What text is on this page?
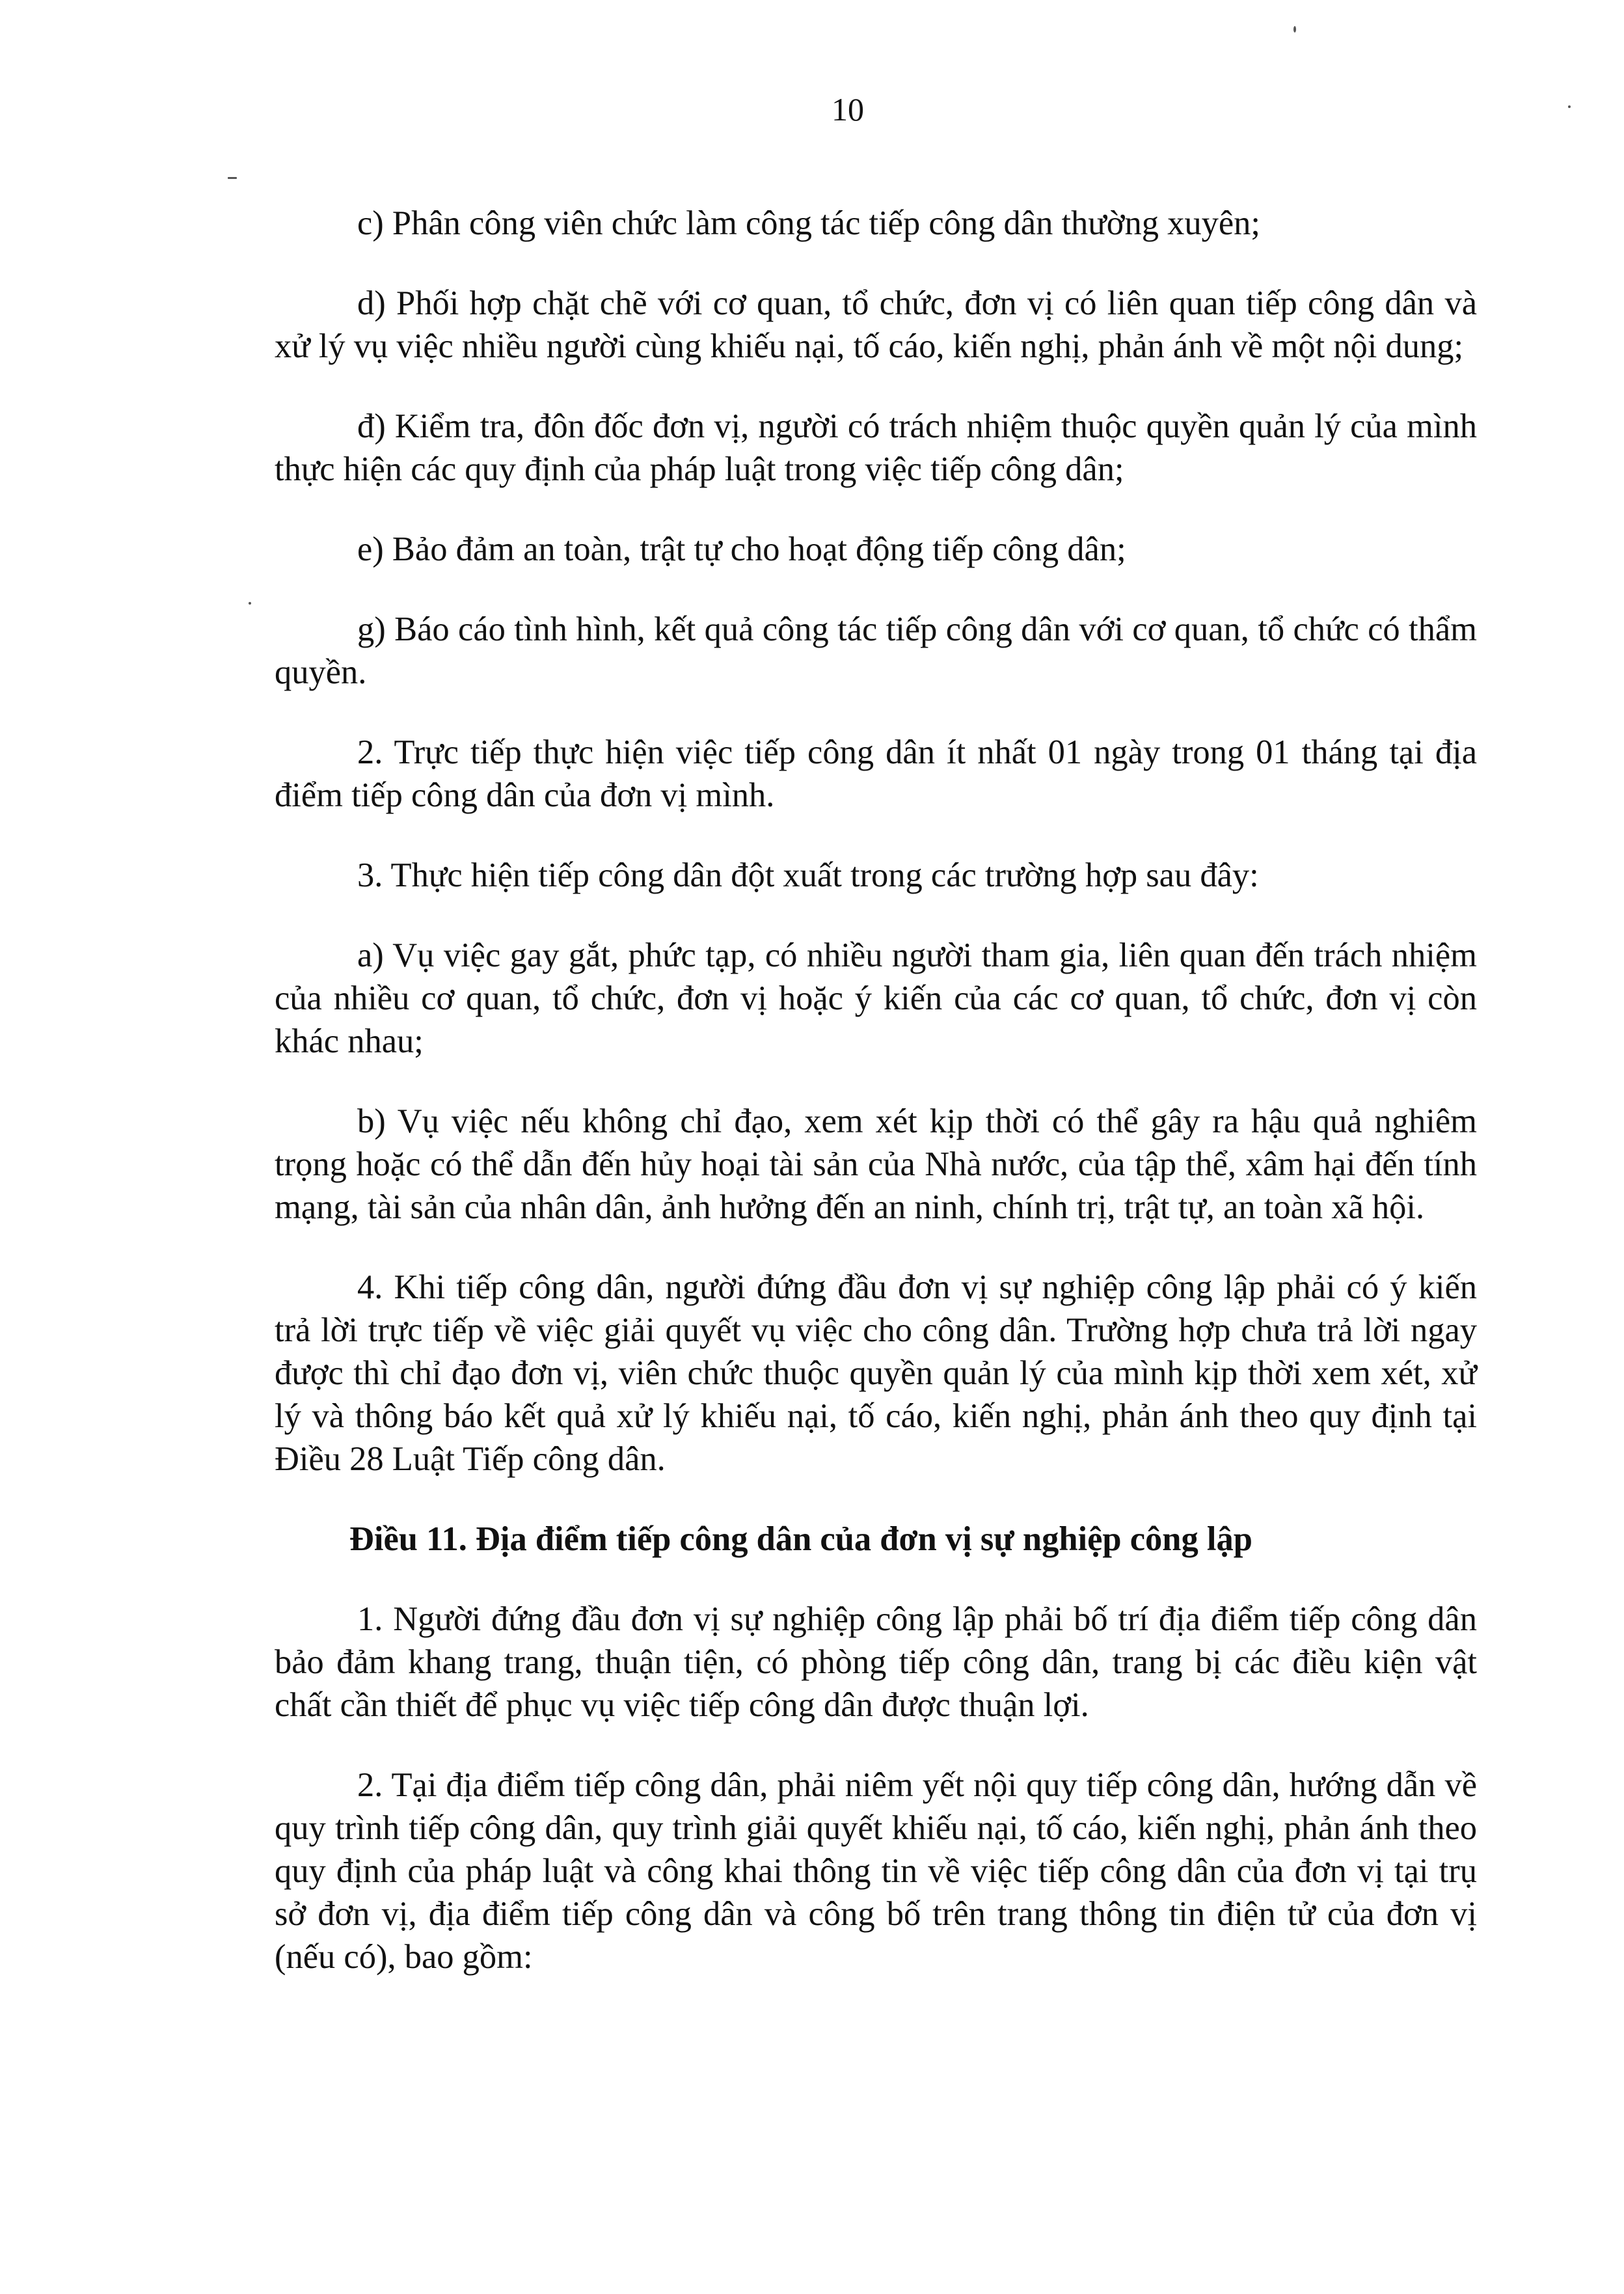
10

c) Phân công viên chức làm công tác tiếp công dân thường xuyên;

d) Phối hợp chặt chẽ với cơ quan, tổ chức, đơn vị có liên quan tiếp công dân và xử lý vụ việc nhiều người cùng khiếu nại, tố cáo, kiến nghị, phản ánh về một nội dung;

đ) Kiểm tra, đôn đốc đơn vị, người có trách nhiệm thuộc quyền quản lý của mình thực hiện các quy định của pháp luật trong việc tiếp công dân;

e) Bảo đảm an toàn, trật tự cho hoạt động tiếp công dân;

g) Báo cáo tình hình, kết quả công tác tiếp công dân với cơ quan, tổ chức có thẩm quyền.

2. Trực tiếp thực hiện việc tiếp công dân ít nhất 01 ngày trong 01 tháng tại địa điểm tiếp công dân của đơn vị mình.

3. Thực hiện tiếp công dân đột xuất trong các trường hợp sau đây:

a) Vụ việc gay gắt, phức tạp, có nhiều người tham gia, liên quan đến trách nhiệm của nhiều cơ quan, tổ chức, đơn vị hoặc ý kiến của các cơ quan, tổ chức, đơn vị còn khác nhau;

b) Vụ việc nếu không chỉ đạo, xem xét kịp thời có thể gây ra hậu quả nghiêm trọng hoặc có thể dẫn đến hủy hoại tài sản của Nhà nước, của tập thể, xâm hại đến tính mạng, tài sản của nhân dân, ảnh hưởng đến an ninh, chính trị, trật tự, an toàn xã hội.

4. Khi tiếp công dân, người đứng đầu đơn vị sự nghiệp công lập phải có ý kiến trả lời trực tiếp về việc giải quyết vụ việc cho công dân. Trường hợp chưa trả lời ngay được thì chỉ đạo đơn vị, viên chức thuộc quyền quản lý của mình kịp thời xem xét, xử lý và thông báo kết quả xử lý khiếu nại, tố cáo, kiến nghị, phản ánh theo quy định tại Điều 28 Luật Tiếp công dân.

Điều 11. Địa điểm tiếp công dân của đơn vị sự nghiệp công lập

1. Người đứng đầu đơn vị sự nghiệp công lập phải bố trí địa điểm tiếp công dân bảo đảm khang trang, thuận tiện, có phòng tiếp công dân, trang bị các điều kiện vật chất cần thiết để phục vụ việc tiếp công dân được thuận lợi.

2. Tại địa điểm tiếp công dân, phải niêm yết nội quy tiếp công dân, hướng dẫn về quy trình tiếp công dân, quy trình giải quyết khiếu nại, tố cáo, kiến nghị, phản ánh theo quy định của pháp luật và công khai thông tin về việc tiếp công dân của đơn vị tại trụ sở đơn vị, địa điểm tiếp công dân và công bố trên trang thông tin điện tử của đơn vị (nếu có), bao gồm:
